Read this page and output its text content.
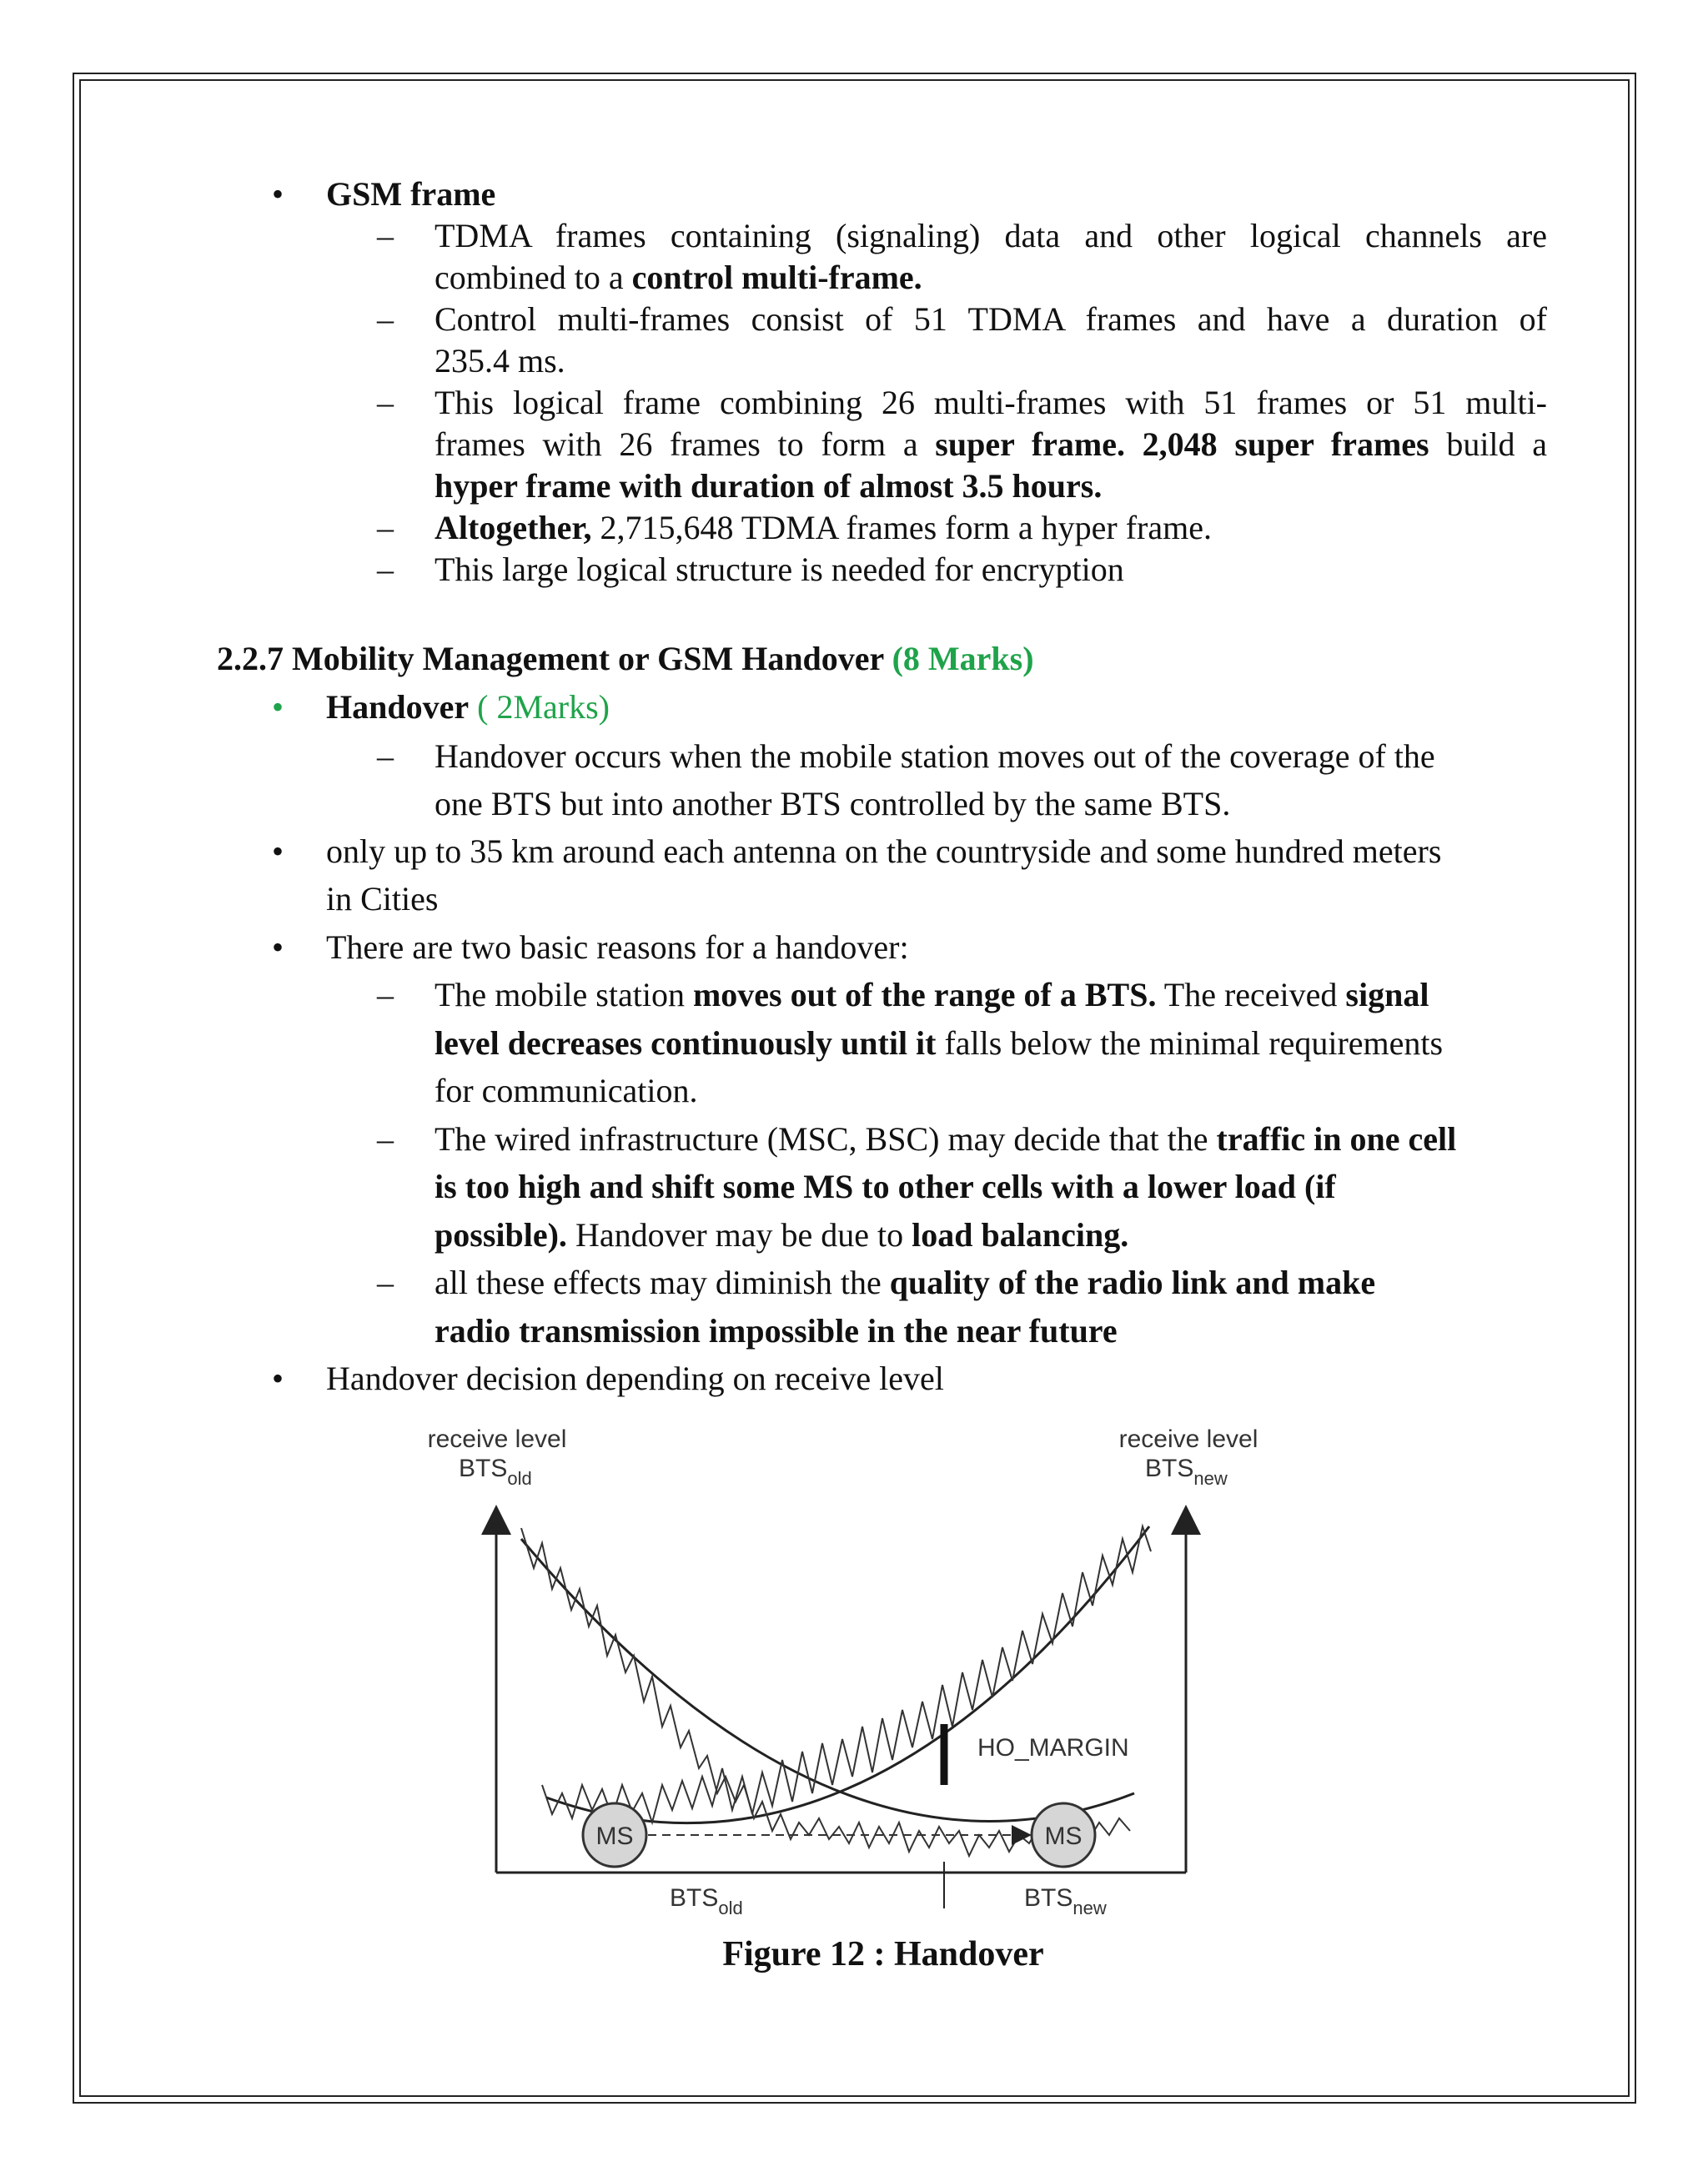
• GSM frame
– TDMA frames containing (signaling) data and other logical channels are
combined to a control multi-frame.
– Control multi-frames consist of 51 TDMA frames and have a duration of
235.4 ms.
– This logical frame combining 26 multi-frames with 51 frames or 51 multi-
frames with 26 frames to form a super frame. 2,048 super frames build a
hyper frame with duration of almost 3.5 hours.
– Altogether, 2,715,648 TDMA frames form a hyper frame.
– This large logical structure is needed for encryption
2.2.7 Mobility Management or GSM Handover (8 Marks)
• Handover ( 2Marks)
– Handover occurs when the mobile station moves out of the coverage of the
one BTS but into another BTS controlled by the same BTS.
• only up to 35 km around each antenna on the countryside and some hundred meters
in Cities
• There are two basic reasons for a handover:
– The mobile station moves out of the range of a BTS. The received signal
level decreases continuously until it falls below the minimal requirements
for communication.
– The wired infrastructure (MSC, BSC) may decide that the traffic in one cell
is too high and shift some MS to other cells with a lower load (if
possible). Handover may be due to load balancing.
– all these effects may diminish the quality of the radio link and make
radio transmission impossible in the near future
• Handover decision depending on receive level
HO_MARGIN
MS	MS
receive level
$BTS_{old}$
receive level
$BTS_{new}$
$BTS_{old}$	$BTS_{new}$
Figure 12 : Handover
